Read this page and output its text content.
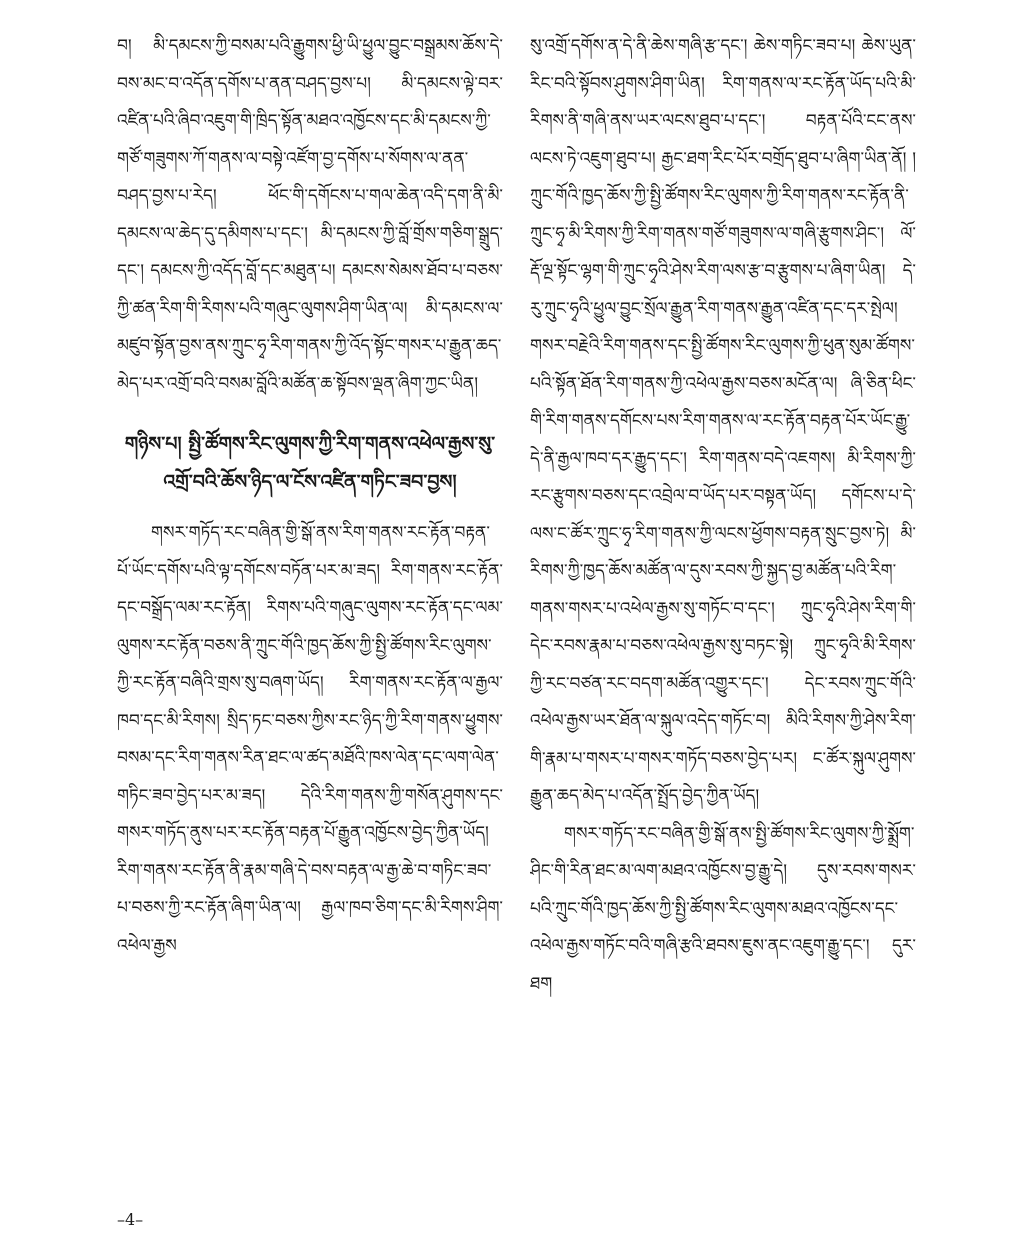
བ། མི་དམངས་ཀྱི་བསམ་པའི་རྒྱུགས་ཕྱི་ཡི་ཕྱུལ་བྱུང་བསྒྲམས་ཆོས་དེ་བས་མང་བ་འདོན་དགོས་པ་ནན་བཤད་བྱས་པ། མི་དམངས་ལྟེ་བར་འཛིན་པའི་ཞིབ་འཇུག་གི་ཁྲིད་སྟོན་མཐའ་འཁྱོངས་དང་མི་དམངས་ཀྱི་གཙོ་གཟུགས་ཀོ་གནས་ལ་བསྟེ་འཛོག་བྱ་དགོས་པ་སོགས་ལ་ནན་བཤད་བྱས་པ་རེད། ཕོང་གི་དགོངས་པ་གལ་ཆེན་འདི་དག་ནི་མི་དམངས་ལ་ཆེད་དུ་དམིགས་པ་དང་། མི་དམངས་ཀྱི་བློ་གྲོས་གཅིག་སྒྲུད་དང་། དམངས་ཀྱི་འདོད་བློ་དང་མཐུན་པ། དམངས་སེམས་ཐོབ་པ་བཅས་ཀྱི་ཚན་རིག་གི་རིགས་པའི་གཞུང་ལུགས་ཤིག་ཡིན་ལ། མི་དམངས་ལ་མཛུབ་སྟོན་བྱས་ནས་ཀྲུང་ཧྭ་རིག་གནས་ཀྱི་འོད་སྟོང་གསར་པ་རྒྱུན་ཆད་མེད་པར་འགྲོ་བའི་བསམ་བློའི་མཚོན་ཆ་སྟོབས་ལྡན་ཞིག་ཀྱང་ཡིན།

གཉིས་པ། སྤྱི་ཚོགས་རིང་ལུགས་ཀྱི་རིག་གནས་འཕེལ་རྒྱས་སུ་འགྲོ་བའི་ཆོས་ཉིད་ལ་ངོས་འཛིན་གཏིང་ཟབ་བྱས།

གསར་གཏོད་རང་བཞིན་གྱི་སྒོ་ནས་རིག་གནས་རང་རྟོན་བརྟན་པོ་ཡོང་དགོས་པའི་ལྟ་དགོངས་བཏོན་པར་མ་ཟད། རིག་གནས་རང་རྟོན་དང་བསྒྲོད་ལམ་རང་རྟོན། རིགས་པའི་གཞུང་ལུགས་རང་རྟོན་དང་ལམ་ལུགས་རང་རྟོན་བཅས་ནི་ཀྲུང་གོའི་ཁྱད་ཆོས་ཀྱི་སྤྱི་ཚོགས་རིང་ལུགས་ཀྱི་རང་རྟོན་བཞིའི་གྲས་སུ་བཞག་ཡོད། རིག་གནས་རང་རྟོན་ལ་རྒྱལ་ཁབ་དང་མི་རིགས། སྲིད་ཏང་བཅས་ཀྱིས་རང་ཉིད་ཀྱི་རིག་གནས་ཕྱུགས་བསམ་དང་རིག་གནས་རིན་ཐང་ལ་ཚད་མཐོའི་ཁས་ལེན་དང་ལག་ལེན་གཏིང་ཟབ་བྱེད་པར་མ་ཟད། དེའི་རིག་གནས་ཀྱི་གསོན་ཤུགས་དང་གསར་གཏོད་ནུས་པར་རང་རྟོན་བརྟན་པོ་རྒྱུན་འཁྱོངས་བྱེད་ཀྱིན་ཡོད། རིག་གནས་རང་རྟོན་ནི་རྣམ་གཞི་དེ་བས་བརྟན་ལ་རྒྱ་ཆེ་བ་གཏིང་ཟབ་པ་བཅས་ཀྱི་རང་རྟོན་ཞིག་ཡིན་ལ། རྒྱལ་ཁབ་ཅིག་དང་མི་རིགས་ཤིག་འཕེལ་རྒྱས

སུ་འགྲོ་དགོས་ན་དེ་ནི་ཆེས་གཞི་རྩ་དང་། ཆེས་གཏིང་ཟབ་པ། ཆེས་ཡུན་རིང་བའི་སྟོབས་ཤུགས་ཤིག་ཡིན། རིག་གནས་ལ་རང་རྟོན་ཡོད་པའི་མི་རིགས་ནི་གཞི་ནས་ཡར་ལངས་ཐུབ་པ་དང་། བརྟན་པོའི་ངང་ནས་ལངས་ཏེ་འཇུག་ཐུབ་པ། རྒྱང་ཐག་རིང་པོར་བགྲོད་ཐུབ་པ་ཞིག་ཡིན་ནོ། །ཀྲུང་གོའི་ཁྱད་ཆོས་ཀྱི་སྤྱི་ཚོགས་རིང་ལུགས་ཀྱི་རིག་གནས་རང་རྟོན་ནི་ཀྲུང་ཧྭ་མི་རིགས་ཀྱི་རིག་གནས་གཙོ་གཟུགས་ལ་གཞི་རྩུགས་ཤིང་། ལོ་རྡོ་ལྔ་སྟོང་ལྷག་གི་ཀྲུང་ཧྭའི་ཤེས་རིག་ལས་རྩ་བ་རྩུགས་པ་ཞིག་ཡིན། དེ་རུ་ཀྲུང་ཧྭའི་ཕྱུལ་བྱུང་སྲོལ་རྒྱུན་རིག་གནས་རྒྱུན་འཛིན་དང་དར་སྤེལ། གསར་བརྗེའི་རིག་གནས་དང་སྤྱི་ཚོགས་རིང་ལུགས་ཀྱི་ཕུན་སུམ་ཚོགས་པའི་སྟོན་ཐོན་རིག་གནས་ཀྱི་འཕེལ་རྒྱས་བཅས་མངོན་ལ། ཞི་ཅིན་ཕིང་གི་རིག་གནས་དགོངས་པས་རིག་གནས་ལ་རང་རྟོན་བརྟན་པོར་ཡོང་རྒྱུ་དེ་ནི་རྒྱལ་ཁབ་དར་རྒྱུད་དང་། རིག་གནས་བདེ་འཇགས། མི་རིགས་ཀྱི་རང་རྩུགས་བཅས་དང་འབྲེལ་བ་ཡོད་པར་བསྟན་ཡོད། དགོངས་པ་དེ་ལས་ང་ཚོར་ཀྲུང་ཧྭ་རིག་གནས་ཀྱི་ལངས་ཕྱོགས་བརྟན་སྲུང་བྱས་ཏེ། མི་རིགས་ཀྱི་ཁྱད་ཆོས་མཚོན་ལ་དུས་རབས་ཀྱི་སྐྱད་བྱ་མཚོན་པའི་རིག་གནས་གསར་པ་འཕེལ་རྒྱས་སུ་གཏོང་བ་དང་། ཀྲུང་ཧྭའི་ཤེས་རིག་གི་དེང་རབས་རྣམ་པ་བཅས་འཕེལ་རྒྱས་སུ་བཏང་སྟེ། ཀྲུང་ཧྭའི་མི་རིགས་ཀྱི་རང་བཙན་རང་བདག་མཚོན་འགྱུར་དང་། དེང་རབས་ཀྲུང་གོའི་འཕེལ་རྒྱས་ཡར་ཐོན་ལ་སྐུལ་འདེད་གཏོང་བ། མིའི་རིགས་ཀྱི་ཤེས་རིག་གི་རྣམ་པ་གསར་པ་གསར་གཏོད་བཅས་བྱེད་པར། ང་ཚོར་སྐུལ་ཤུགས་རྒྱུན་ཆད་མེད་པ་འདོན་སྤྲོད་བྱེད་ཀྱིན་ཡོད།

གསར་གཏོད་རང་བཞིན་གྱི་སྒོ་ནས་སྤྱི་ཚོགས་རིང་ལུགས་ཀྱི་སྨྲོག་ཤིང་གི་རིན་ཐང་མ་ལག་མཐའ་འཁྱོངས་བྱ་རྒྱུ་དེ། དུས་རབས་གསར་པའི་ཀྲུང་གོའི་ཁྱད་ཆོས་ཀྱི་སྤྱི་ཚོགས་རིང་ལུགས་མཐའ་འཁྱོངས་དང་འཕེལ་རྒྱས་གཏོང་བའི་གཞི་རྩའི་ཐབས་ཇུས་ནང་འཇུག་རྒྱུ་དང་། དུར་ཐག

–4–
